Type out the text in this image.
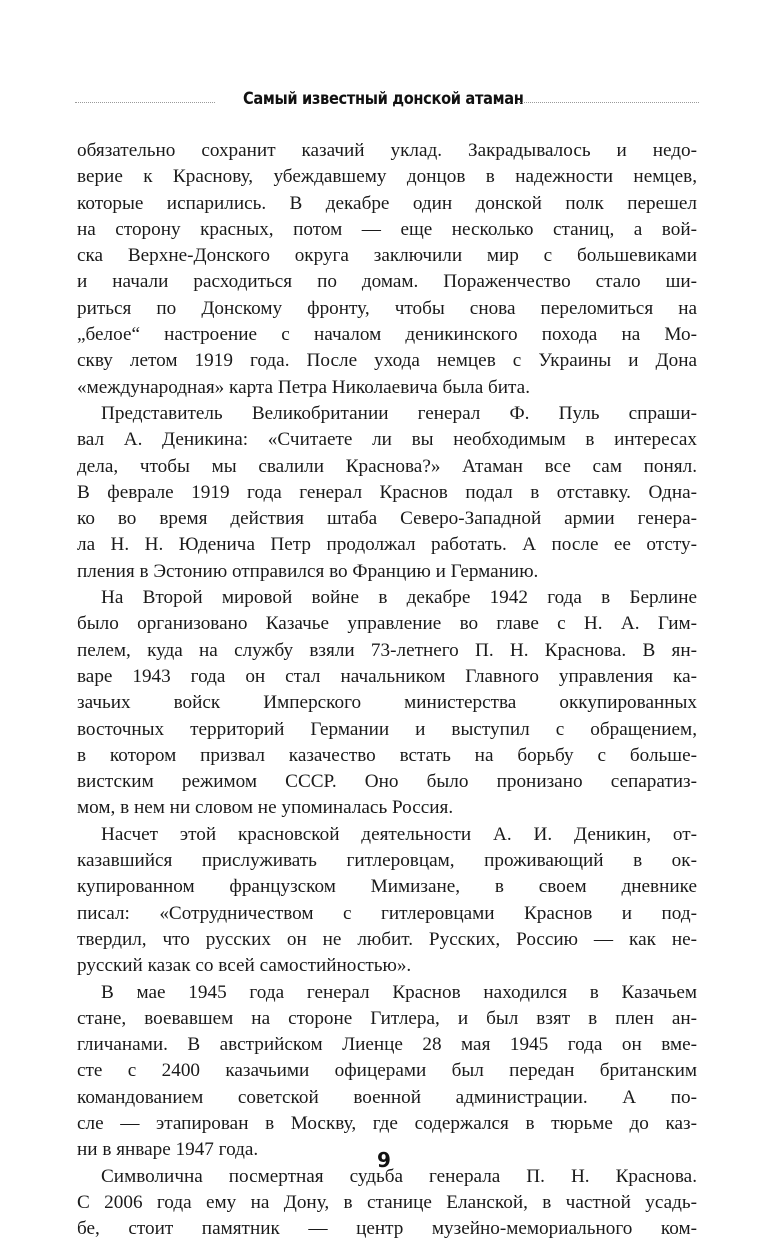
Самый известный донской атаман
обязательно сохранит казачий уклад. Закрадывалось и недо-
верие к Краснову, убеждавшему донцов в надежности немцев,
которые испарились. В декабре один донской полк перешел
на сторону красных, потом — еще несколько станиц, а вой-
ска Верхне-Донского округа заключили мир с большевиками
и начали расходиться по домам. Пораженчество стало ши-
риться по Донскому фронту, чтобы снова переломиться на
„белое“ настроение с началом деникинского похода на Мо-
скву летом 1919 года. После ухода немцев с Украины и Дона
«международная» карта Петра Николаевича была бита.
Представитель Великобритании генерал Ф. Пуль спраши-
вал А. Деникина: «Считаете ли вы необходимым в интересах
дела, чтобы мы свалили Краснова?» Атаман все сам понял.
В феврале 1919 года генерал Краснов подал в отставку. Одна-
ко во время действия штаба Северо-Западной армии генера-
ла Н. Н. Юденича Петр продолжал работать. А после ее отсту-
пления в Эстонию отправился во Францию и Германию.
На Второй мировой войне в декабре 1942 года в Берлине
было организовано Казачье управление во главе с Н. А. Гим-
пелем, куда на службу взяли 73-летнего П. Н. Краснова. В ян-
варе 1943 года он стал начальником Главного управления ка-
зачьих войск Имперского министерства оккупированных
восточных территорий Германии и выступил с обращением,
в котором призвал казачество встать на борьбу с больше-
вистским режимом СССР. Оно было пронизано сепаратиз-
мом, в нем ни словом не упоминалась Россия.
Насчет этой красновской деятельности А. И. Деникин, от-
казавшийся прислуживать гитлеровцам, проживающий в ок-
купированном французском Мимизане, в своем дневнике
писал: «Сотрудничеством с гитлеровцами Краснов и под-
твердил, что русских он не любит. Русских, Россию — как не-
русский казак со всей самостийностью».
В мае 1945 года генерал Краснов находился в Казачьем
стане, воевавшем на стороне Гитлера, и был взят в плен ан-
гличанами. В австрийском Лиенце 28 мая 1945 года он вме-
сте с 2400 казачьими офицерами был передан британским
командованием советской военной администрации. А по-
сле — этапирован в Москву, где содержался в тюрьме до каз-
ни в январе 1947 года.
Символична посмертная судьба генерала П. Н. Краснова.
С 2006 года ему на Дону, в станице Еланской, в частной усадь-
бе, стоит памятник — центр музейно-мемориального ком-
9
